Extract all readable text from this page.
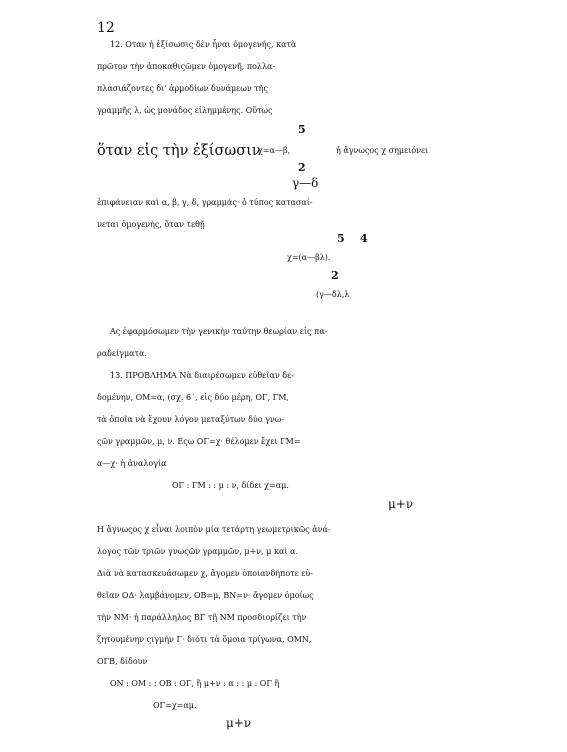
12
12. Οταν ἡ ἐξίσωσις δὲν ἦναι ὁμογενής, κατὰ
πρῶτον τὴν ἀποκαθιςῶμεν ὁμογενῆ, πολλα-
πλασιάζοντες δι' ἁρμοδίων δυνάμεων τῆς
γραμμῆς λ, ὡς μονάδος εἰλημμένης. Οὕτως
5
ὅταν εἰς τὴν ἐξίσωσιν
χ=α—β,	ἡ ἄγνωςος χ σημειόνει
2
γ—δ
ἐπιφάνειαν καὶ α, β, γ, δ, γραμμάς· ὁ τύπος κατασαί-
νεται ὁμογενὴς, ὅταν τεθῇ
5    4
χ=(α—βλ).
2
(γ—δλ,λ
Ας ἐφαρμόσωμεν τὴν γενικὴν ταύτην θεωρίαν εἰς πα-
ραδείγματα.
13. ΠΡΟΒΛΗΜΑ Νὰ διαιρέσωμεν εὐθεῖαν δε-
δομένην, ΟΜ=α, (σχ. 6΄, εἰς δύο μέρη, ΟΓ, ΓΜ,
τὰ ὁποῖα νὰ ἔχουν λόγον μεταξύτων δύο γνω-
ςῶν γραμμῶν, μ, ν. Εςω ΟΓ=χ· θέλομεν ἔχει ΓΜ=
α—χ· ἡ ἀναλογία
ΟΓ : ΓΜ : : μ : ν, δίδει χ=αμ.
μ+ν
Η ἄγνωςος χ εἶναι λοιπὸν μία τετάρτη γεωμετρικῶς ἀνά-
λογος τῶν τριῶν γνωςῶν γραμμῶν, μ+ν, μ καὶ α.
Διὰ νὰ κατασκευάσωμεν χ, ἄγομεν ὁποιανδήποτε εὐ-
θεῖαν ΟΔ· λαμβάνομεν, ΟΒ=μ, ΒΝ=ν· ἄγομεν ὁμοίως
τὴν ΝΜ· ἡ παράλληλος ΒΓ τῇ ΝΜ προσδιορίζει τὴν
ζητουμένην ςιγμὴν Γ· διότι τὰ ὅμοια τρίγωνα, ΟΜΝ,
ΟΓΒ, δίδουν
ΟΝ : ΟΜ : : ΟΒ : ΟΓ, ἢ μ+ν : α : : μ : ΟΓ ἢ
ΟΓ=χ=αμ.
μ+ν
